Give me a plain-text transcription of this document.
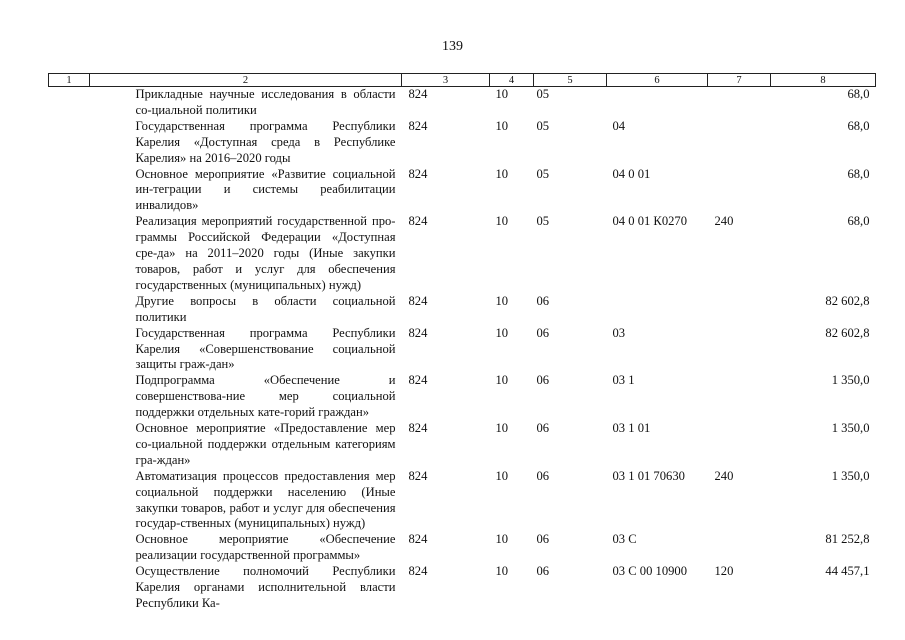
139
1	2	3	4	5	6	7	8
	Прикладные научные исследования в области со-циальной политики	824	10	05			68,0
	Государственная программа Республики Карелия «Доступная среда в Республике Карелия» на 2016–2020 годы	824	10	05	04		68,0
	Основное мероприятие «Развитие социальной ин-теграции и системы реабилитации инвалидов»	824	10	05	04 0 01		68,0
	Реализация мероприятий государственной про-граммы Российской Федерации «Доступная сре-да» на 2011–2020 годы (Иные закупки товаров, работ и услуг для обеспечения государственных (муниципальных) нужд)	824	10	05	04 0 01 К0270	240	68,0
	Другие вопросы в области социальной политики	824	10	06			82 602,8
	Государственная программа Республики Карелия «Совершенствование социальной защиты граж-дан»	824	10	06	03		82 602,8
	Подпрограмма «Обеспечение и совершенствова-ние мер социальной поддержки отдельных кате-горий граждан»	824	10	06	03 1		1 350,0
	Основное мероприятие «Предоставление мер со-циальной поддержки отдельным категориям гра-ждан»	824	10	06	03 1 01		1 350,0
	Автоматизация процессов предоставления мер социальной поддержки населению (Иные закупки товаров, работ и услуг для обеспечения государ-ственных (муниципальных) нужд)	824	10	06	03 1 01 70630	240	1 350,0
	Основное мероприятие «Обеспечение реализации государственной программы»	824	10	06	03 С		81 252,8
	Осуществление полномочий Республики Карелия органами исполнительной власти Республики Ка-	824	10	06	03 С 00 10900	120	44 457,1
